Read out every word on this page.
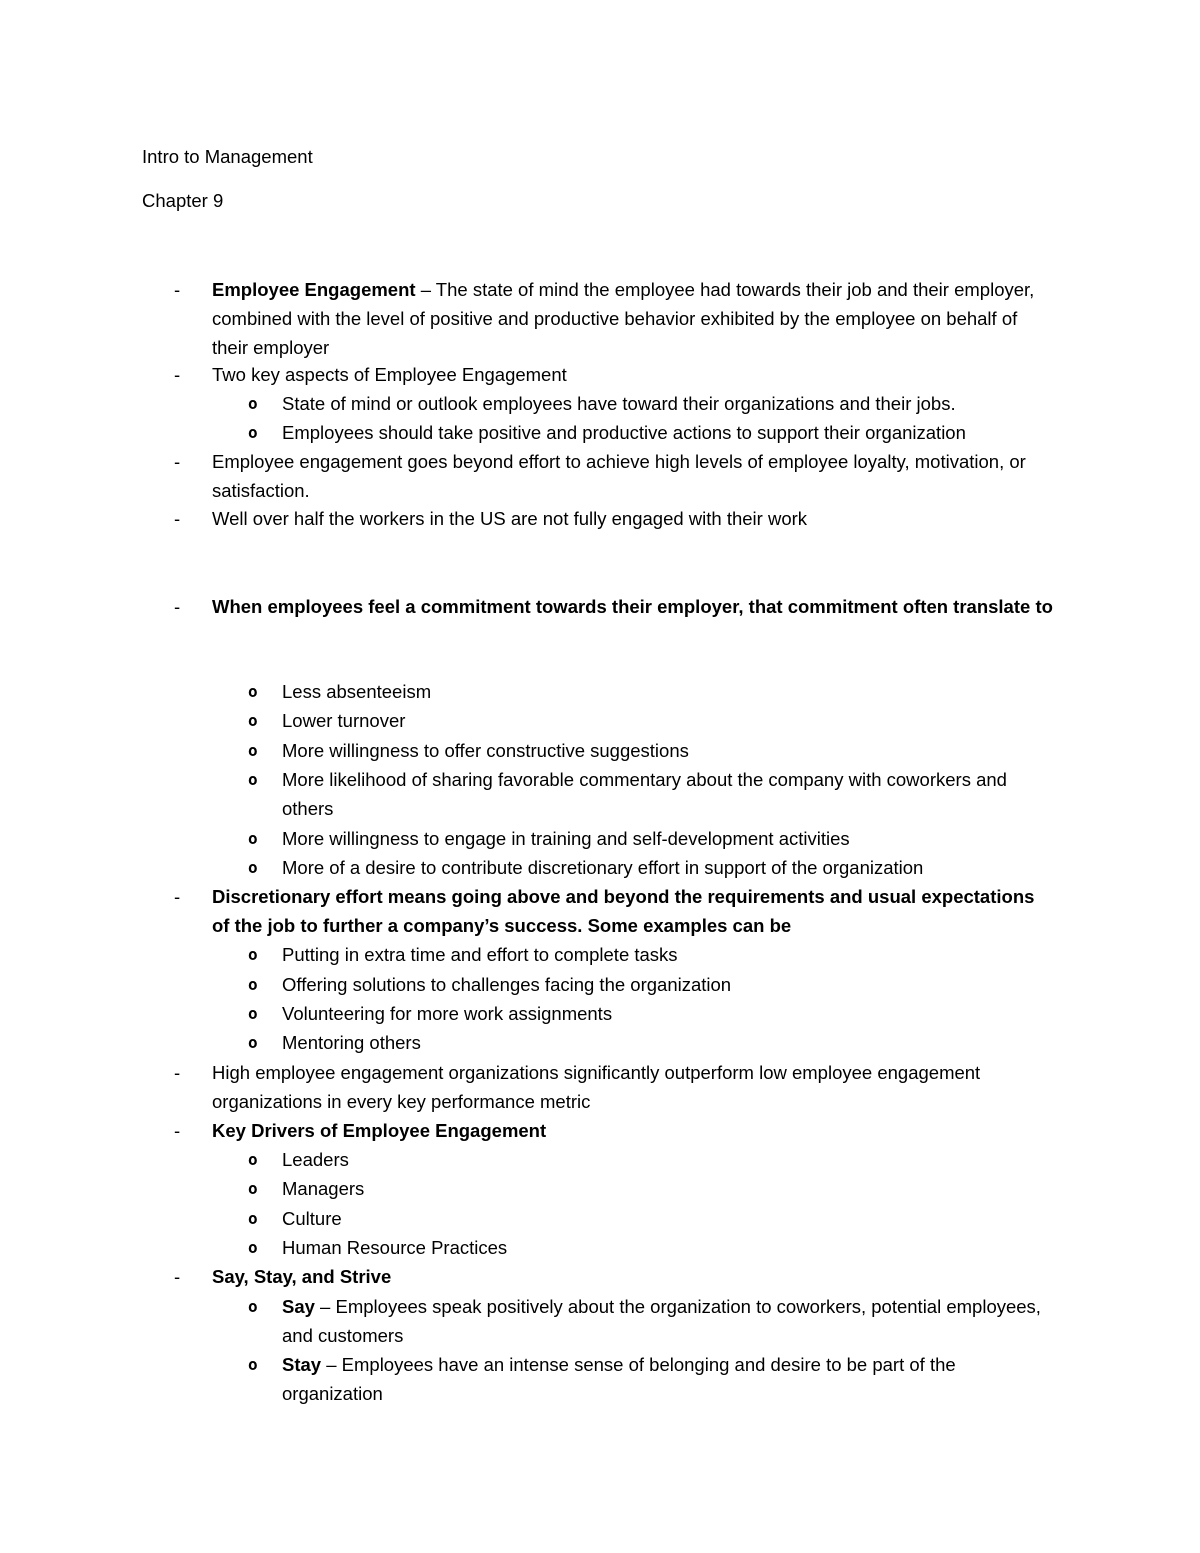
Intro to Management
Chapter 9
-	Employee Engagement – The state of mind the employee had towards their job and their employer, combined with the level of positive and productive behavior exhibited by the employee on behalf of their employer
-	Two key aspects of Employee Engagement
o State of mind or outlook employees have toward their organizations and their jobs.
o Employees should take positive and productive actions to support their organization
-	Employee engagement goes beyond effort to achieve high levels of employee loyalty, motivation, or satisfaction.
-	Well over half the workers in the US are not fully engaged with their work
-	When employees feel a commitment towards their employer, that commitment often translate to
o Less absenteeism
o Lower turnover
o More willingness to offer constructive suggestions
o More likelihood of sharing favorable commentary about the company with coworkers and others
o More willingness to engage in training and self-development activities
o More of a desire to contribute discretionary effort in support of the organization
-	Discretionary effort means going above and beyond the requirements and usual expectations of the job to further a company’s success. Some examples can be
o Putting in extra time and effort to complete tasks
o Offering solutions to challenges facing the organization
o Volunteering for more work assignments
o Mentoring others
-	High employee engagement organizations significantly outperform low employee engagement organizations in every key performance metric
-	Key Drivers of Employee Engagement
o Leaders
o Managers
o Culture
o Human Resource Practices
-	Say, Stay, and Strive
o Say – Employees speak positively about the organization to coworkers, potential employees, and customers
o Stay – Employees have an intense sense of belonging and desire to be part of the organization
